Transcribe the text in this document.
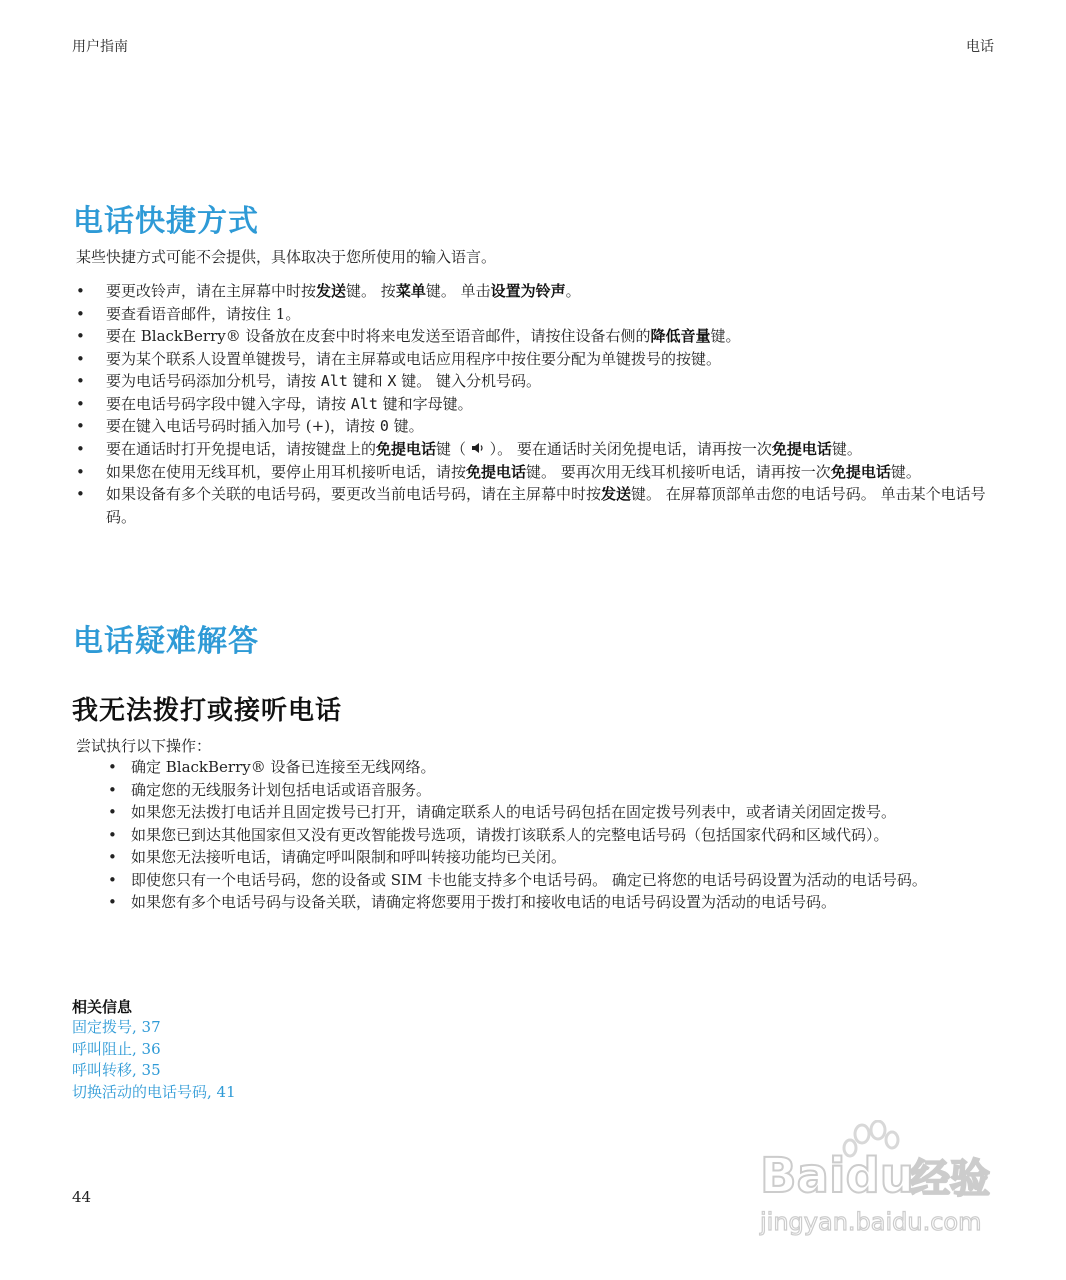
用户指南	电话
电话快捷方式
某些快捷方式可能不会提供，具体取决于您所使用的输入语言。
• 要更改铃声，请在主屏幕中时按发送键。 按菜单键。 单击设置为铃声。
• 要查看语音邮件，请按住 1。
• 要在 BlackBerry® 设备放在皮套中时将来电发送至语音邮件，请按住设备右侧的降低音量键。
• 要为某个联系人设置单键拨号，请在主屏幕或电话应用程序中按住要分配为单键拨号的按键。
• 要为电话号码添加分机号，请按 Alt 键和 X 键。 键入分机号码。
• 要在电话号码字段中键入字母，请按 Alt 键和字母键。
• 要在键入电话号码时插入加号 (+)，请按 0 键。
• 要在通话时打开免提电话，请按键盘上的免提电话键（  ）。 要在通话时关闭免提电话，请再按一次免提电话键。
• 如果您在使用无线耳机，要停止用耳机接听电话，请按免提电话键。 要再次用无线耳机接听电话，请再按一次免提电话键。
• 如果设备有多个关联的电话号码，要更改当前电话号码，请在主屏幕中时按发送键。 在屏幕顶部单击您的电话号码。 单击某个电话号码。
电话疑难解答
我无法拨打或接听电话
尝试执行以下操作：
• 确定 BlackBerry® 设备已连接至无线网络。
• 确定您的无线服务计划包括电话或语音服务。
• 如果您无法拨打电话并且固定拨号已打开，请确定联系人的电话号码包括在固定拨号列表中，或者请关闭固定拨号。
• 如果您已到达其他国家但又没有更改智能拨号选项，请拨打该联系人的完整电话号码（包括国家代码和区域代码）。
• 如果您无法接听电话，请确定呼叫限制和呼叫转接功能均已关闭。
• 即使您只有一个电话号码，您的设备或 SIM 卡也能支持多个电话号码。 确定已将您的电话号码设置为活动的电话号码。
• 如果您有多个电话号码与设备关联，请确定将您要用于拨打和接收电话的电话号码设置为活动的电话号码。
相关信息
固定拨号, 37
呼叫阻止, 36
呼叫转移, 35
切换活动的电话号码, 41
44	Baidu
经验
jingyan.baidu.com
